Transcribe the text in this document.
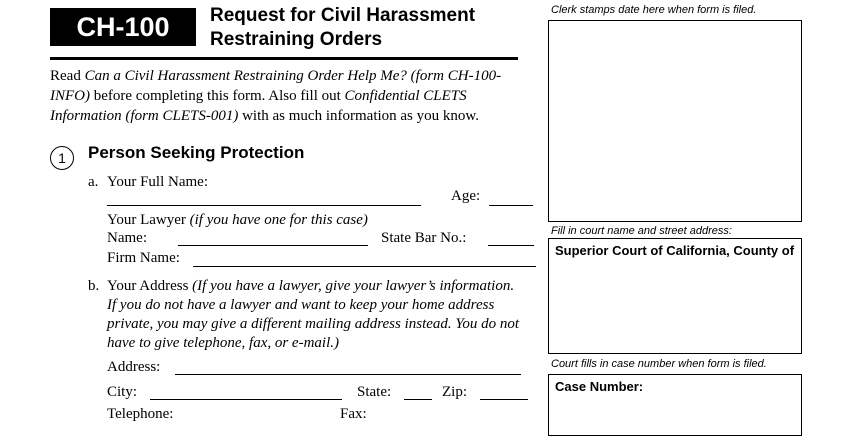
CH-100	Request for Civil Harassment
Restraining Orders
Read Can a Civil Harassment Restraining Order Help Me? (form CH-100-INFO) before completing this form. Also fill out Confidential CLETS Information (form CLETS-001) with as much information as you know.
1	Person Seeking Protection
a. Your Full Name:
Age:
Your Lawyer (if you have one for this case)
Name:	State Bar No.:
Firm Name:
b. Your Address (If you have a lawyer, give your lawyer’s information. If you do not have a lawyer and want to keep your home address private, you may give a different mailing address instead. You do not have to give telephone, fax, or e-mail.)
Address:
City:	State:	Zip:
Telephone:	Fax:
Clerk stamps date here when form is filed.
Fill in court name and street address:
Superior Court of California, County of
Court fills in case number when form is filed.
Case Number:
